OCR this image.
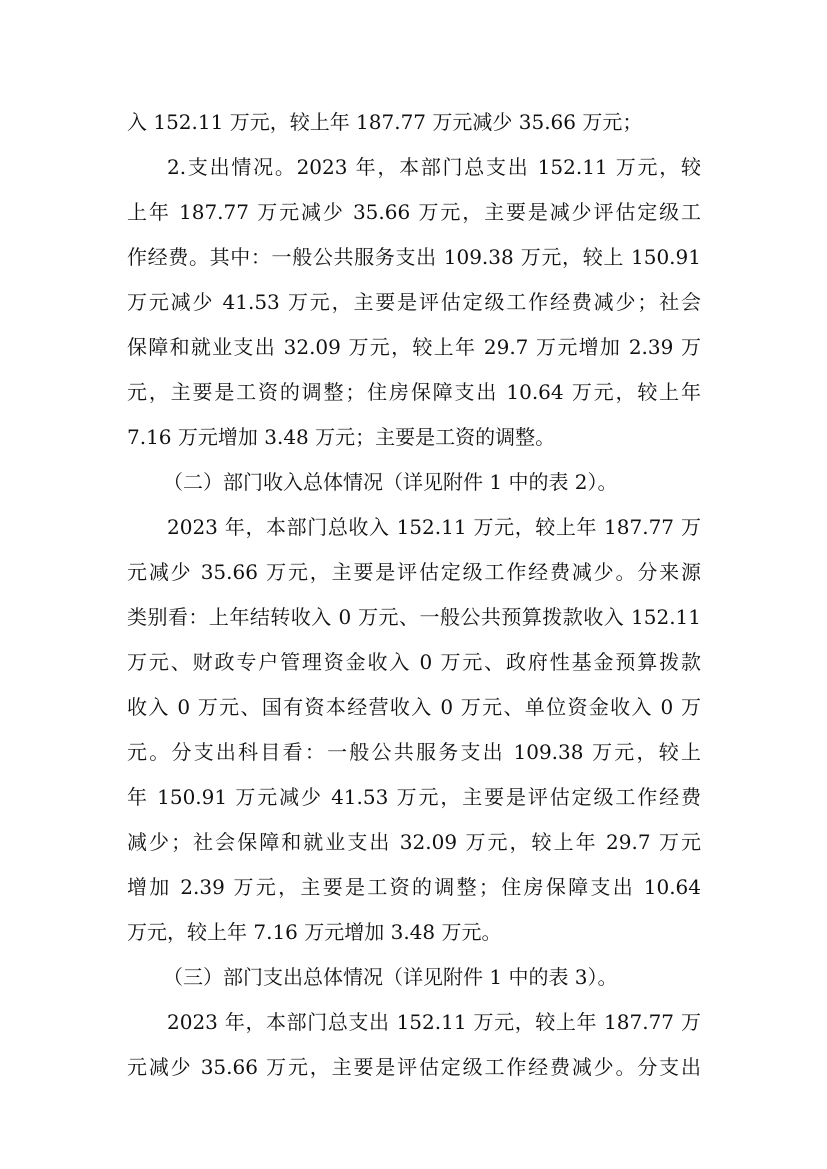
入 152.11 万元，较上年 187.77 万元减少 35.66 万元；
2.支出情况。2023 年，本部门总支出 152.11 万元，较
上年 187.77 万元减少 35.66 万元，主要是减少评估定级工
作经费。其中：一般公共服务支出 109.38 万元，较上 150.91
万元减少 41.53 万元，主要是评估定级工作经费减少；社会
保障和就业支出 32.09 万元，较上年 29.7 万元增加 2.39 万
元，主要是工资的调整；住房保障支出 10.64 万元，较上年
7.16 万元增加 3.48 万元；主要是工资的调整。
（二）部门收入总体情况（详见附件 1 中的表 2）。
2023 年，本部门总收入 152.11 万元，较上年 187.77 万
元减少 35.66 万元，主要是评估定级工作经费减少。分来源
类别看：上年结转收入 0 万元、一般公共预算拨款收入 152.11
万元、财政专户管理资金收入 0 万元、政府性基金预算拨款
收入 0 万元、国有资本经营收入 0 万元、单位资金收入 0 万
元。分支出科目看：一般公共服务支出 109.38 万元，较上
年 150.91 万元减少 41.53 万元，主要是评估定级工作经费
减少；社会保障和就业支出 32.09 万元，较上年 29.7 万元
增加 2.39 万元，主要是工资的调整；住房保障支出 10.64
万元，较上年 7.16 万元增加 3.48 万元。
（三）部门支出总体情况（详见附件 1 中的表 3）。
2023 年，本部门总支出 152.11 万元，较上年 187.77 万
元减少 35.66 万元，主要是评估定级工作经费减少。分支出
